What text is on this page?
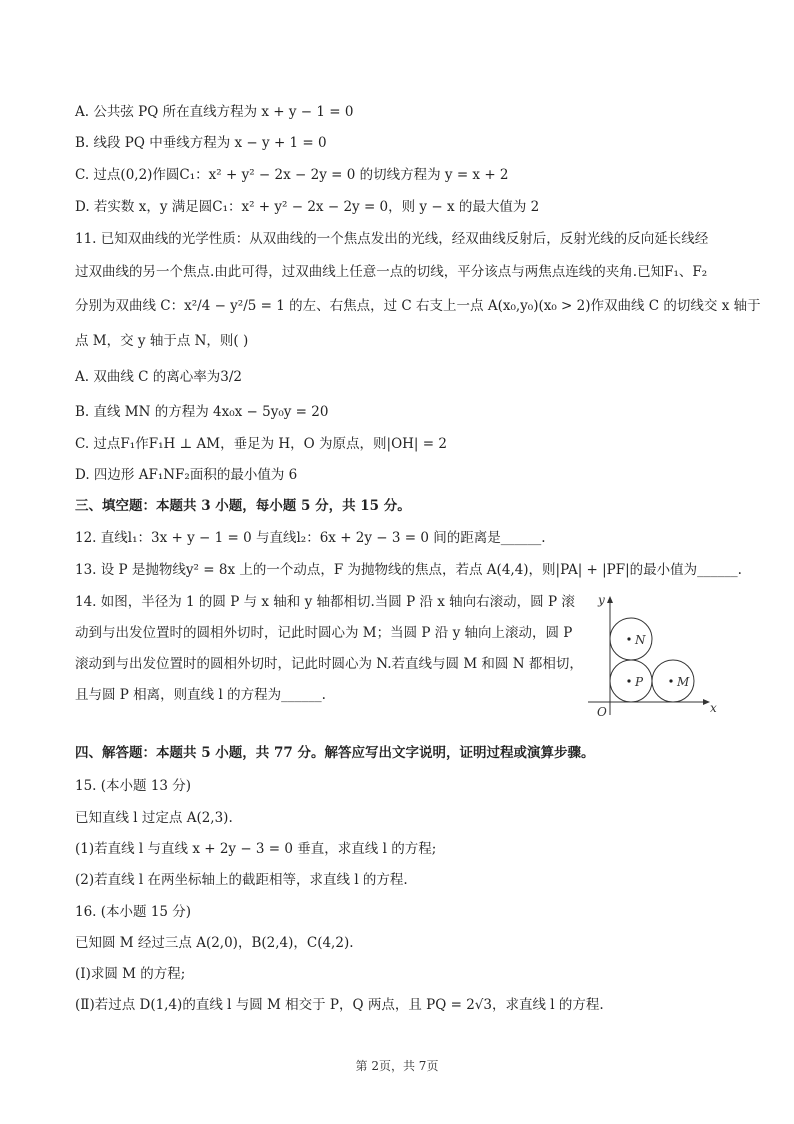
A. 公共弦 PQ 所在直线方程为 x + y − 1 = 0
B. 线段 PQ 中垂线方程为 x − y + 1 = 0
C. 过点(0,2)作圆C₁：x² + y² − 2x − 2y = 0 的切线方程为 y = x + 2
D. 若实数 x，y 满足圆C₁：x² + y² − 2x − 2y = 0，则 y − x 的最大值为 2
11. 已知双曲线的光学性质：从双曲线的一个焦点发出的光线，经双曲线反射后，反射光线的反向延长线经
过双曲线的另一个焦点.由此可得，过双曲线上任意一点的切线，平分该点与两焦点连线的夹角.已知F₁、F₂
分别为双曲线 C：x²/4 − y²/5 = 1 的左、右焦点，过 C 右支上一点 A(x₀,y₀)(x₀ > 2)作双曲线 C 的切线交 x 轴于
点 M，交 y 轴于点 N，则( )
A. 双曲线 C 的离心率为3/2
B. 直线 MN 的方程为 4x₀x − 5y₀y = 20
C. 过点F₁作F₁H ⊥ AM，垂足为 H，O 为原点，则|OH| = 2
D. 四边形 AF₁NF₂面积的最小值为 6
三、填空题：本题共 3 小题，每小题 5 分，共 15 分。
12. 直线l₁：3x + y − 1 = 0 与直线l₂：6x + 2y − 3 = 0 间的距离是______.
13. 设 P 是抛物线y² = 8x 上的一个动点，F 为抛物线的焦点，若点 A(4,4)，则|PA| + |PF|的最小值为______.
14. 如图，半径为 1 的圆 P 与 x 轴和 y 轴都相切.当圆 P 沿 x 轴向右滚动，圆 P 滚
动到与出发位置时的圆相外切时，记此时圆心为 M；当圆 P 沿 y 轴向上滚动，圆 P
滚动到与出发位置时的圆相外切时，记此时圆心为 N.若直线与圆 M 和圆 N 都相切，
且与圆 P 相离，则直线 l 的方程为______.
y
x
O
N
P	M
四、解答题：本题共 5 小题，共 77 分。解答应写出文字说明，证明过程或演算步骤。
15. (本小题 13 分)
已知直线 l 过定点 A(2,3).
(1)若直线 l 与直线 x + 2y − 3 = 0 垂直，求直线 l 的方程;
(2)若直线 l 在两坐标轴上的截距相等，求直线 l 的方程.
16. (本小题 15 分)
已知圆 M 经过三点 A(2,0)，B(2,4)，C(4,2).
(Ⅰ)求圆 M 的方程;
(Ⅱ)若过点 D(1,4)的直线 l 与圆 M 相交于 P，Q 两点，且 PQ = 2√3，求直线 l 的方程.
第 2页，共 7页
